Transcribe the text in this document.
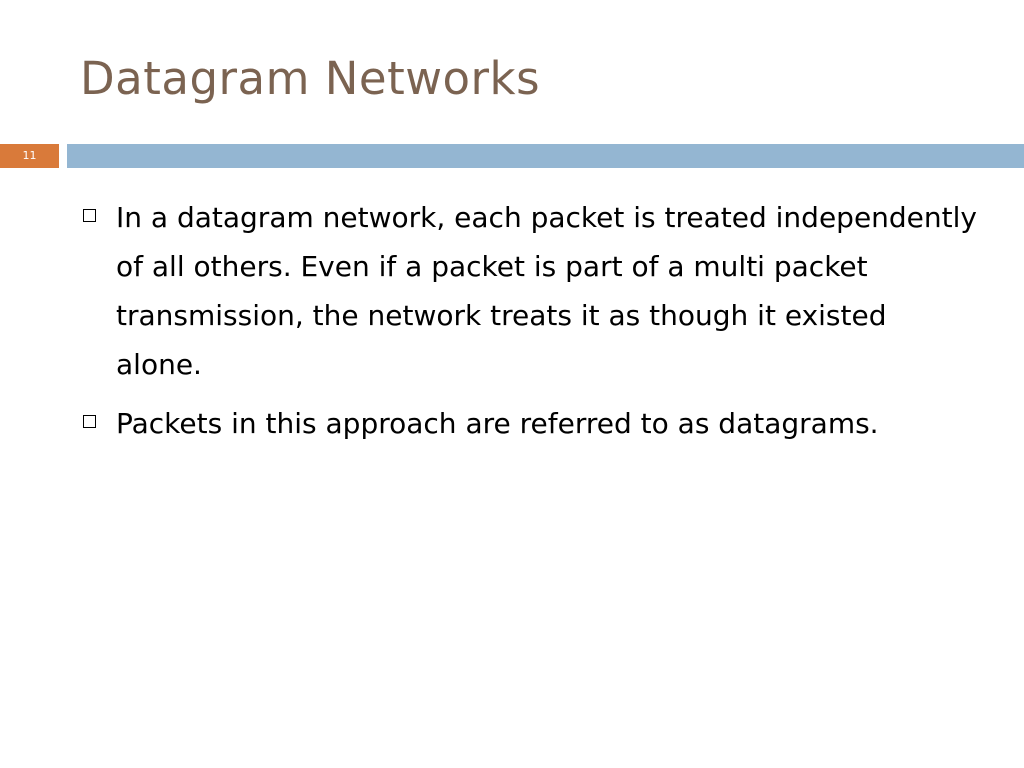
Datagram Networks
11
In a datagram network, each packet is treated independently of all others. Even if a packet is part of a multi packet transmission, the network treats it as though it existed alone.
Packets in this approach are referred to as datagrams.
